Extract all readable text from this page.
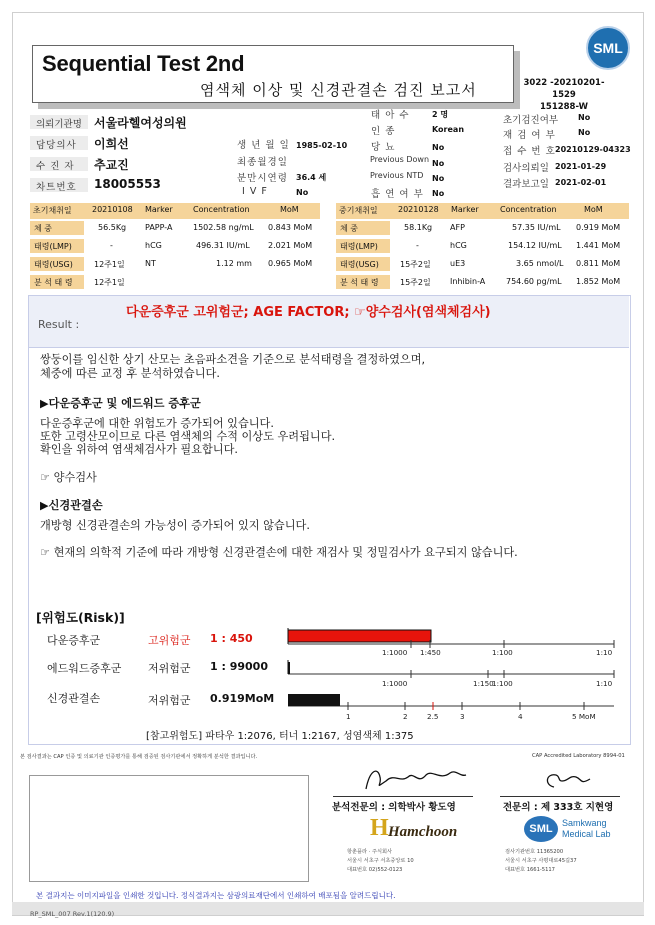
Sequential Test 2nd
염색체 이상 및 신경관결손 검진 보고서	3022 -20210201-1529
151288-W
SML
의뢰기관명 서울라헬여성의원
담당의사 이희선
수 진 자 추교진
차트번호 18005553
생 년 월 일 1985-02-10
최종월경일
분만시연령 36.4 세
I V F	No
태 아 수	2 명
인 종	Korean
당 뇨	No
Previous Down No
Previous NTD No
흡 연 여 부 No
초기검진여부 No
재 검 여 부	No
접 수 번 호 20210129-04323
검사의뢰일 2021-01-29
결과보고일 2021-02-01
초기채취일	20210108 Marker	Concentration	MoM
체 중	56.5Kg PAPP-A	1502.58 ng/mL 0.843 MoM
태령(LMP)	-	hCG	496.31 IU/mL 2.021 MoM
태령(USG)	12주1일	NT	1.12 mm 0.965 MoM
분 석 태 령	12주1일
중기채취일	20210128 Marker	Concentration	MoM
체 중	58.1Kg AFP	57.35 IU/mL 0.919 MoM
태령(LMP)	-	hCG	154.12 IU/mL 1.441 MoM
태령(USG)	15주2일 uE3	3.65 nmol/L 0.811 MoM
분 석 태 령	15주2일 Inhibin-A	754.60 pg/mL 1.852 MoM
Result :
다운증후군 고위험군; AGE FACTOR; ☞양수검사(염색체검사)
쌍둥이를 임신한 상기 산모는 초음파소견을 기준으로 분석태령을 결정하였으며,
체중에 따른 교정 후 분석하였습니다.
▶다운증후군 및 에드워드 증후군
다운증후군에 대한 위험도가 증가되어 있습니다.
또한 고령산모이므로 다른 염색체의 수적 이상도 우려됩니다.
확인을 위하여 염색체검사가 필요합니다.
☞ 양수검사
▶신경관결손
개방형 신경관결손의 가능성이 증가되어 있지 않습니다.
☞ 현재의 의학적 기준에 따라 개방형 신경관결손에 대한 재검사 및 정밀검사가 요구되지 않습니다.
[위험도(Risk)]
다운증후군	고위험군 1 : 450
에드워드증후군 저위험군 1 : 99000
신경관결손	저위험군 0.919MoM
1:1000 1:450	1:100	1:10
1:1000	1:150
1:100	1:10
1	2	2.5	3	4	5 MoM
[참고위험도] 파타우 1:2076, 터너 1:2167, 성염색체 1:375
본 검사결과는 CAP 인증 및 의료기관 인증평가를 통해 검증된 검사기관에서 정확하게 분석한 결과입니다.	CAP Accredited Laboratory 8994-01
분석전문의 : 의학박사 황도영	전문의 : 제 333호 지현영
H Hamchoon
항춘플라 · 주식회사
서울시 서초구 서초중앙로 10
대표번호 02)552-0123
SML Samkwang
Medical Lab
검사기관번호 11365200
서울시 서초구 사평대로45길37
대표번호 1661-5117
본 결과지는 이미지파일을 인쇄한 것입니다. 정식결과지는 삼광의료재단에서 인쇄하여 배포됨을 알려드립니다.
RP_SML_007 Rev.1(120.9)
